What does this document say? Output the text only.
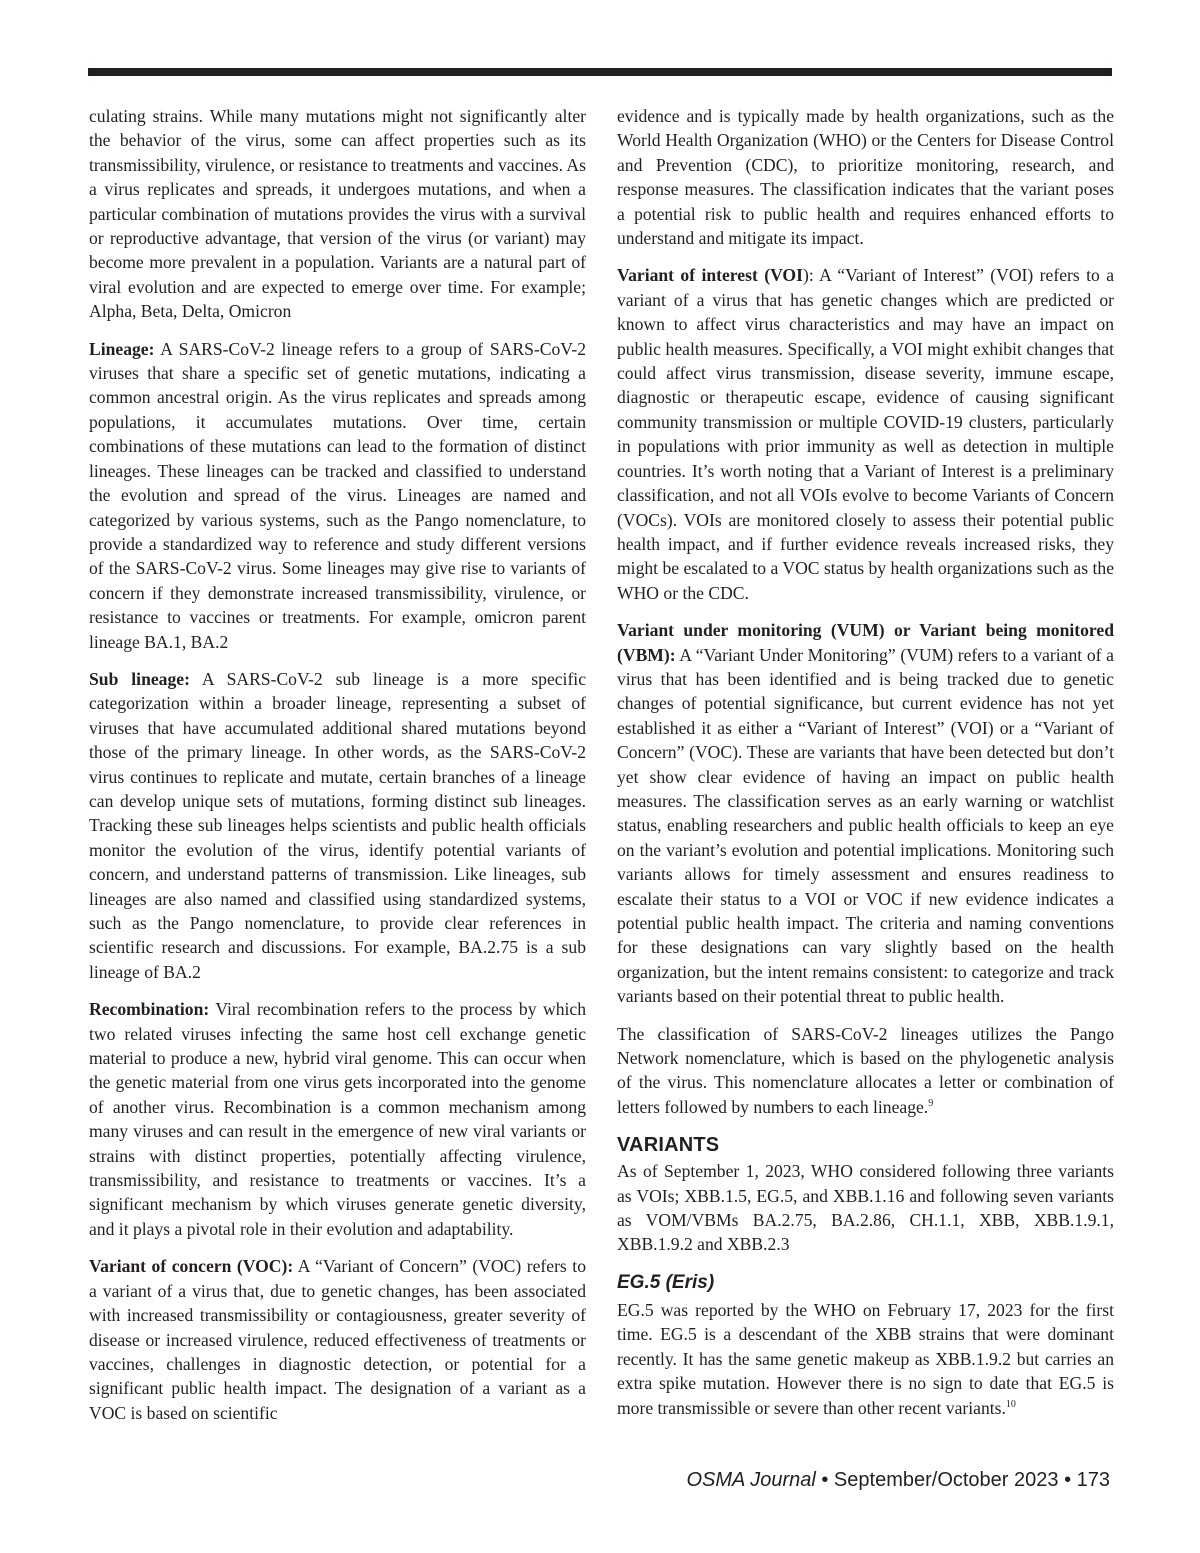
culating strains. While many mutations might not significantly alter the behavior of the virus, some can affect properties such as its transmissibility, virulence, or resistance to treatments and vaccines. As a virus replicates and spreads, it undergoes mutations, and when a particular combination of mutations provides the virus with a survival or reproductive advantage, that version of the virus (or variant) may become more prevalent in a population. Variants are a natural part of viral evolution and are expected to emerge over time. For example; Alpha, Beta, Delta, Omicron

Lineage: A SARS-CoV-2 lineage refers to a group of SARS-CoV-2 viruses that share a specific set of genetic mutations, indicating a common ancestral origin. As the virus replicates and spreads among populations, it accumulates mutations. Over time, certain combinations of these mutations can lead to the formation of distinct lineages. These lineages can be tracked and classified to understand the evolution and spread of the virus. Lineages are named and categorized by various systems, such as the Pango nomenclature, to provide a standardized way to reference and study different versions of the SARS-CoV-2 virus. Some lineages may give rise to variants of concern if they demonstrate increased transmissibility, virulence, or resistance to vaccines or treatments. For example, omicron parent lineage BA.1, BA.2

Sub lineage: A SARS-CoV-2 sub lineage is a more specific categorization within a broader lineage, representing a subset of viruses that have accumulated additional shared mutations beyond those of the primary lineage. In other words, as the SARS-CoV-2 virus continues to replicate and mutate, certain branches of a lineage can develop unique sets of mutations, forming distinct sub lineages. Tracking these sub lineages helps scientists and public health officials monitor the evolution of the virus, identify potential variants of concern, and understand patterns of transmission. Like lineages, sub lineages are also named and classified using standardized systems, such as the Pango nomenclature, to provide clear references in scientific research and discussions. For example, BA.2.75 is a sub lineage of BA.2

Recombination: Viral recombination refers to the process by which two related viruses infecting the same host cell exchange genetic material to produce a new, hybrid viral genome. This can occur when the genetic material from one virus gets incorporated into the genome of another virus. Recombination is a common mechanism among many viruses and can result in the emergence of new viral variants or strains with distinct properties, potentially affecting virulence, transmissibility, and resistance to treatments or vaccines. It’s a significant mechanism by which viruses generate genetic diversity, and it plays a pivotal role in their evolution and adaptability.

Variant of concern (VOC): A “Variant of Concern” (VOC) refers to a variant of a virus that, due to genetic changes, has been associated with increased transmissibility or contagiousness, greater severity of disease or increased virulence, reduced effectiveness of treatments or vaccines, challenges in diagnostic detection, or potential for a significant public health impact. The designation of a variant as a VOC is based on scientific

evidence and is typically made by health organizations, such as the World Health Organization (WHO) or the Centers for Disease Control and Prevention (CDC), to prioritize monitoring, research, and response measures. The classification indicates that the variant poses a potential risk to public health and requires enhanced efforts to understand and mitigate its impact.

Variant of interest (VOI): A “Variant of Interest” (VOI) refers to a variant of a virus that has genetic changes which are predicted or known to affect virus characteristics and may have an impact on public health measures. Specifically, a VOI might exhibit changes that could affect virus transmission, disease severity, immune escape, diagnostic or therapeutic escape, evidence of causing significant community transmission or multiple COVID-19 clusters, particularly in populations with prior immunity as well as detection in multiple countries. It’s worth noting that a Variant of Interest is a preliminary classification, and not all VOIs evolve to become Variants of Concern (VOCs). VOIs are monitored closely to assess their potential public health impact, and if further evidence reveals increased risks, they might be escalated to a VOC status by health organizations such as the WHO or the CDC.

Variant under monitoring (VUM) or Variant being monitored (VBM): A “Variant Under Monitoring” (VUM) refers to a variant of a virus that has been identified and is being tracked due to genetic changes of potential significance, but current evidence has not yet established it as either a “Variant of Interest” (VOI) or a “Variant of Concern” (VOC). These are variants that have been detected but don’t yet show clear evidence of having an impact on public health measures. The classification serves as an early warning or watchlist status, enabling researchers and public health officials to keep an eye on the variant’s evolution and potential implications. Monitoring such variants allows for timely assessment and ensures readiness to escalate their status to a VOI or VOC if new evidence indicates a potential public health impact. The criteria and naming conventions for these designations can vary slightly based on the health organization, but the intent remains consistent: to categorize and track variants based on their potential threat to public health.

The classification of SARS-CoV-2 lineages utilizes the Pango Network nomenclature, which is based on the phylogenetic analysis of the virus. This nomenclature allocates a letter or combination of letters followed by numbers to each lineage.$^9$

VARIANTS

As of September 1, 2023, WHO considered following three variants as VOIs; XBB.1.5, EG.5, and XBB.1.16 and following seven variants as VOM/VBMs BA.2.75, BA.2.86, CH.1.1, XBB, XBB.1.9.1, XBB.1.9.2 and XBB.2.3

EG.5 (Eris)

EG.5 was reported by the WHO on February 17, 2023 for the first time. EG.5 is a descendant of the XBB strains that were dominant recently. It has the same genetic makeup as XBB.1.9.2 but carries an extra spike mutation. However there is no sign to date that EG.5 is more transmissible or severe than other recent variants.$^{10}$

OSMA Journal • September/October 2023 • 173
